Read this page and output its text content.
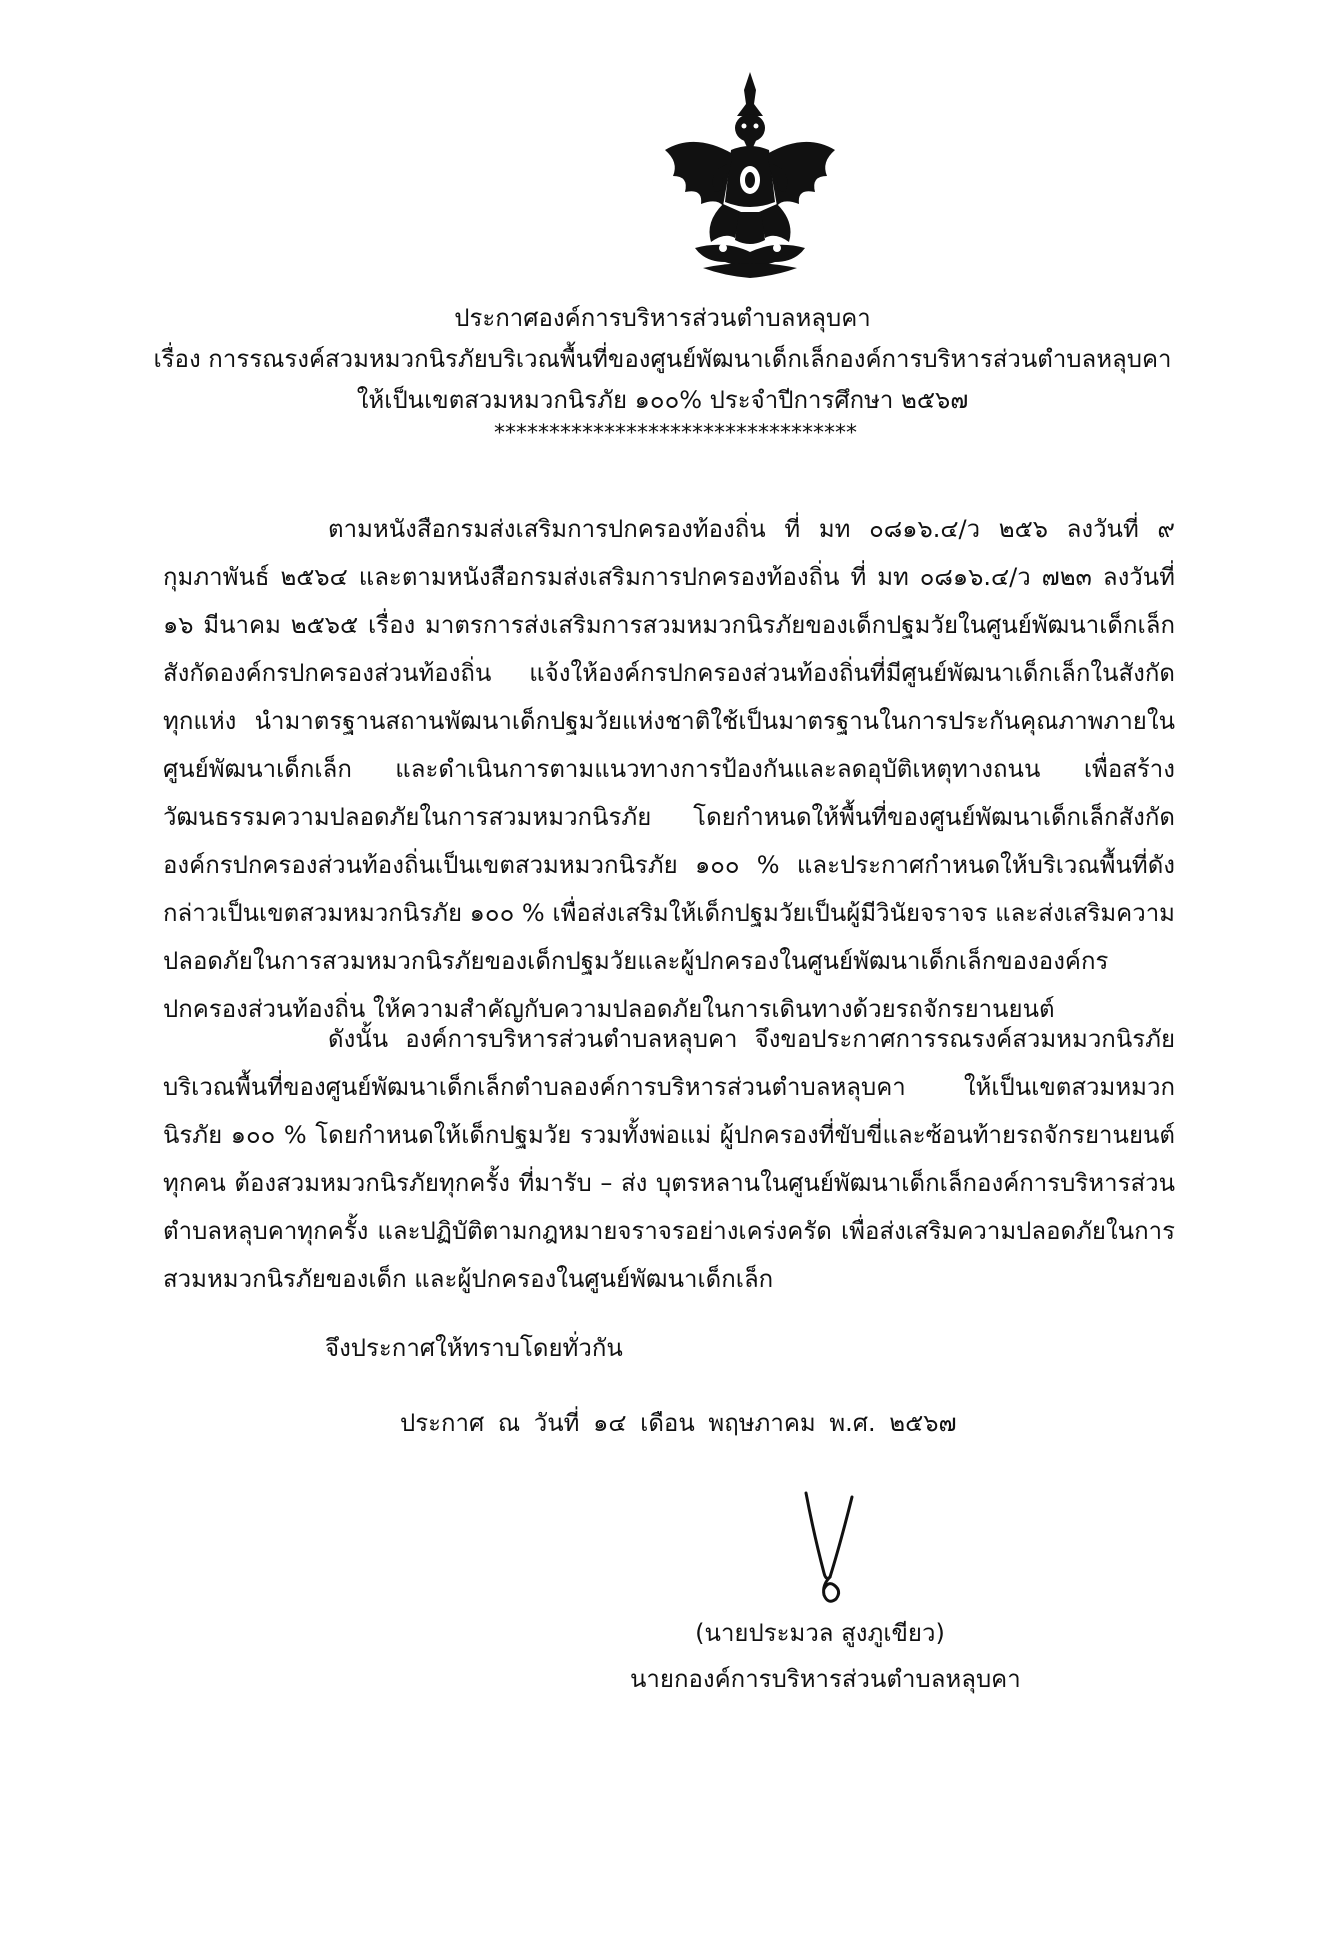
ประกาศองค์การบริหารส่วนตำบลหลุบคา
เรื่อง การรณรงค์สวมหมวกนิรภัยบริเวณพื้นที่ของศูนย์พัฒนาเด็กเล็กองค์การบริหารส่วนตำบลหลุบคา
ให้เป็นเขตสวมหมวกนิรภัย ๑๐๐% ประจำปีการศึกษา ๒๕๖๗
*********************************
ตามหนังสือกรมส่งเสริมการปกครองท้องถิ่น ที่ มท ๐๘๑๖.๔/ว ๒๕๖ ลงวันที่ ๙ กุมภาพันธ์ ๒๕๖๔ และตามหนังสือกรมส่งเสริมการปกครองท้องถิ่น ที่ มท ๐๘๑๖.๔/ว ๗๒๓ ลงวันที่ ๑๖ มีนาคม ๒๕๖๕ เรื่อง มาตรการส่งเสริมการสวมหมวกนิรภัยของเด็กปฐมวัยในศูนย์พัฒนาเด็กเล็กสังกัดองค์กรปกครองส่วนท้องถิ่น แจ้งให้องค์กรปกครองส่วนท้องถิ่นที่มีศูนย์พัฒนาเด็กเล็กในสังกัดทุกแห่ง นำมาตรฐานสถานพัฒนาเด็กปฐมวัยแห่งชาติใช้เป็นมาตรฐานในการประกันคุณภาพภายในศูนย์พัฒนาเด็กเล็ก และดำเนินการตามแนวทางการป้องกันและลดอุบัติเหตุทางถนน เพื่อสร้างวัฒนธรรมความปลอดภัยในการสวมหมวกนิรภัย โดยกำหนดให้พื้นที่ของศูนย์พัฒนาเด็กเล็กสังกัดองค์กรปกครองส่วนท้องถิ่นเป็นเขตสวมหมวกนิรภัย ๑๐๐ % และประกาศกำหนดให้บริเวณพื้นที่ดังกล่าวเป็นเขตสวมหมวกนิรภัย ๑๐๐ % เพื่อส่งเสริมให้เด็กปฐมวัยเป็นผู้มีวินัยจราจร และส่งเสริมความปลอดภัยในการสวมหมวกนิรภัยของเด็กปฐมวัยและผู้ปกครองในศูนย์พัฒนาเด็กเล็กขององค์กรปกครองส่วนท้องถิ่น ให้ความสำคัญกับความปลอดภัยในการเดินทางด้วยรถจักรยานยนต์
ดังนั้น องค์การบริหารส่วนตำบลหลุบคา จึงขอประกาศการรณรงค์สวมหมวกนิรภัยบริเวณพื้นที่ของศูนย์พัฒนาเด็กเล็กตำบลองค์การบริหารส่วนตำบลหลุบคา ให้เป็นเขตสวมหมวกนิรภัย ๑๐๐ % โดยกำหนดให้เด็กปฐมวัย รวมทั้งพ่อแม่ ผู้ปกครองที่ขับขี่และซ้อนท้ายรถจักรยานยนต์ทุกคน ต้องสวมหมวกนิรภัยทุกครั้ง ที่มารับ – ส่ง บุตรหลานในศูนย์พัฒนาเด็กเล็กองค์การบริหารส่วนตำบลหลุบคาทุกครั้ง และปฏิบัติตามกฎหมายจราจรอย่างเคร่งครัด เพื่อส่งเสริมความปลอดภัยในการสวมหมวกนิรภัยของเด็ก และผู้ปกครองในศูนย์พัฒนาเด็กเล็ก
จึงประกาศให้ทราบโดยทั่วกัน
ประกาศ ณ วันที่ ๑๔ เดือน พฤษภาคม พ.ศ. ๒๕๖๗
(นายประมวล สูงภูเขียว)
นายกองค์การบริหารส่วนตำบลหลุบคา
